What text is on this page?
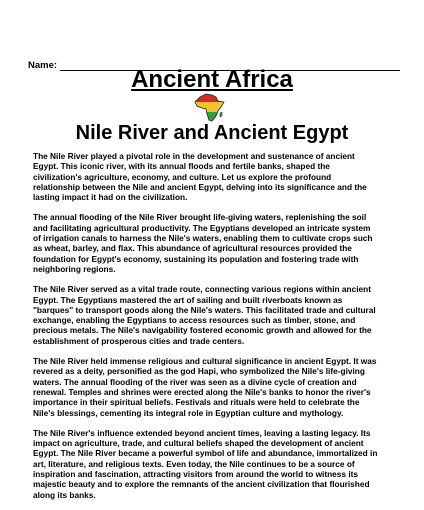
Name:
Ancient Africa
Nile River and Ancient Egypt

The Nile River played a pivotal role in the development and sustenance of ancient
Egypt. This iconic river, with its annual floods and fertile banks, shaped the
civilization's agriculture, economy, and culture. Let us explore the profound
relationship between the Nile and ancient Egypt, delving into its significance and the
lasting impact it had on the civilization.

The annual flooding of the Nile River brought life-giving waters, replenishing the soil
and facilitating agricultural productivity. The Egyptians developed an intricate system
of irrigation canals to harness the Nile's waters, enabling them to cultivate crops such
as wheat, barley, and flax. This abundance of agricultural resources provided the
foundation for Egypt's economy, sustaining its population and fostering trade with
neighboring regions.

The Nile River served as a vital trade route, connecting various regions within ancient
Egypt. The Egyptians mastered the art of sailing and built riverboats known as
"barques" to transport goods along the Nile's waters. This facilitated trade and cultural
exchange, enabling the Egyptians to access resources such as timber, stone, and
precious metals. The Nile's navigability fostered economic growth and allowed for the
establishment of prosperous cities and trade centers.

The Nile River held immense religious and cultural significance in ancient Egypt. It was
revered as a deity, personified as the god Hapi, who symbolized the Nile's life-giving
waters. The annual flooding of the river was seen as a divine cycle of creation and
renewal. Temples and shrines were erected along the Nile's banks to honor the river's
importance in their spiritual beliefs. Festivals and rituals were held to celebrate the
Nile's blessings, cementing its integral role in Egyptian culture and mythology.

The Nile River's influence extended beyond ancient times, leaving a lasting legacy. Its
impact on agriculture, trade, and cultural beliefs shaped the development of ancient
Egypt. The Nile River became a powerful symbol of life and abundance, immortalized in
art, literature, and religious texts. Even today, the Nile continues to be a source of
inspiration and fascination, attracting visitors from around the world to witness its
majestic beauty and to explore the remnants of the ancient civilization that flourished
along its banks.
